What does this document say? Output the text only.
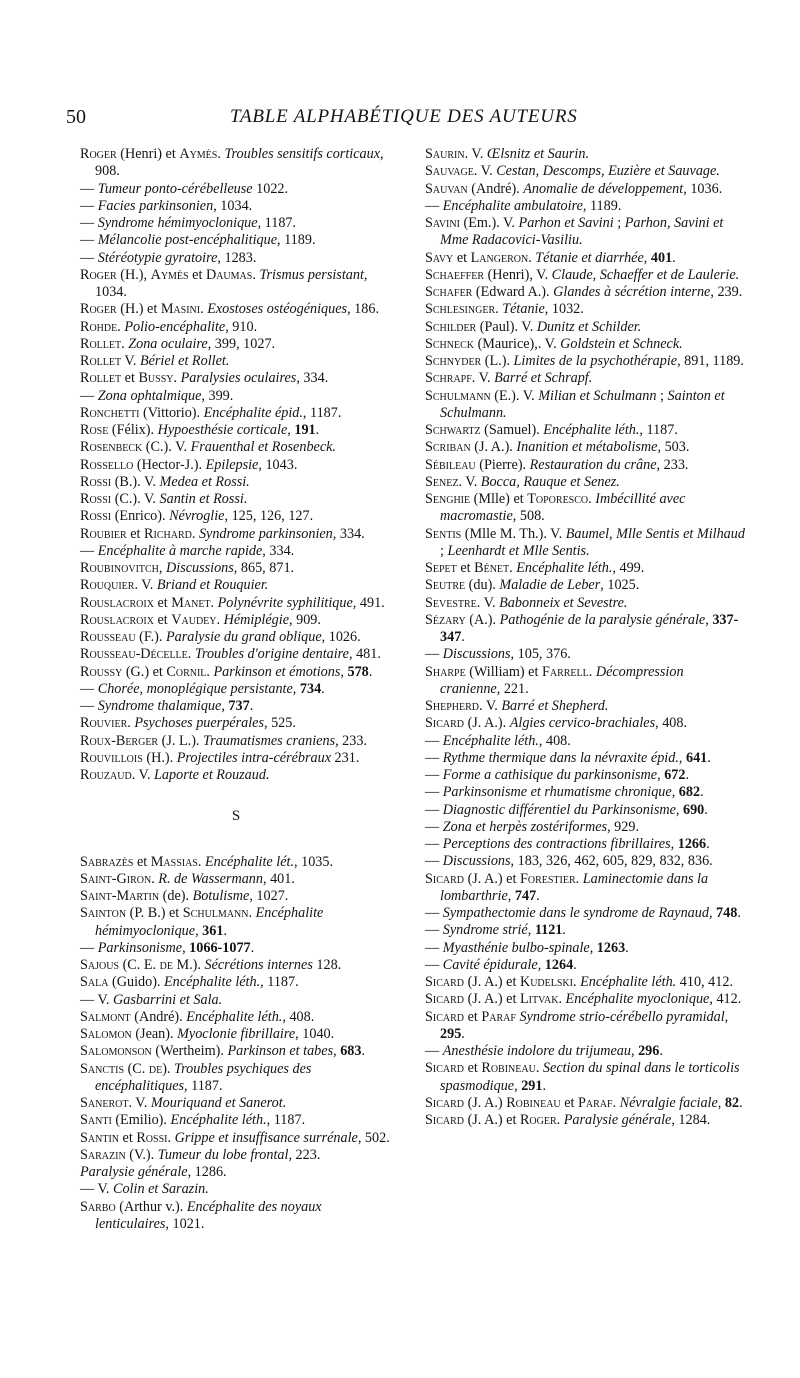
50	TABLE ALPHABÉTIQUE DES AUTEURS
Roger (Henri) et Aymès. Troubles sensitifs corticaux, 908.
— Tumeur ponto-cérébelleuse 1022.
— Facies parkinsonien, 1034.
— Syndrome hémimyoclonique, 1187.
— Mélancolie post-encéphalitique, 1189.
— Stéréotypie gyratoire, 1283.
Roger (H.), Aymès et Daumas. Trismus persistant, 1034.
Roger (H.) et Masini. Exostoses ostéogéniques, 186.
Rohde. Polio-encéphalite, 910.
Rollet. Zona oculaire, 399, 1027.
Rollet V. Bériel et Rollet.
Rollet et Bussy. Paralysies oculaires, 334.
— Zona ophtalmique, 399.
Ronchetti (Vittorio). Encéphalite épid., 1187.
Rose (Félix). Hypoesthésie corticale, 191.
Rosenbeck (C.). V. Frauenthal et Rosenbeck.
Rossello (Hector-J.). Epilepsie, 1043.
Rossi (B.). V. Medea et Rossi.
Rossi (C.). V. Santin et Rossi.
Rossi (Enrico). Névroglie, 125, 126, 127.
Roubier et Richard. Syndrome parkinsonien, 334.
— Encéphalite à marche rapide, 334.
Roubinovitch, Discussions, 865, 871.
Rouquier. V. Briand et Rouquier.
Rouslacroix et Manet. Polynévrite syphilitique, 491.
Rouslacroix et Vaudey. Hémiplégie, 909.
Rousseau (F.). Paralysie du grand oblique, 1026.
Rousseau-Décelle. Troubles d'origine dentaire, 481.
Roussy (G.) et Cornil. Parkinson et émotions, 578.
— Chorée, monoplégique persistante, 734.
— Syndrome thalamique, 737.
Rouvier. Psychoses puerpérales, 525.
Roux-Berger (J. L.). Traumatismes craniens, 233.
Rouvillois (H.). Projectiles intra-cérébraux 231.
Rouzaud. V. Laporte et Rouzaud.
S
Sabrazès et Massias. Encéphalite lét., 1035.
Saint-Giron. R. de Wassermann, 401.
Saint-Martin (de). Botulisme, 1027.
Sainton (P. B.) et Schulmann. Encéphalite hémimyoclonique, 361.
— Parkinsonisme, 1066-1077.
Sajous (C. E. de M.). Sécrétions internes 128.
Sala (Guido). Encéphalite léth., 1187.
— V. Gasbarrini et Sala.
Salmont (André). Encéphalite léth., 408.
Salomon (Jean). Myoclonie fibrillaire, 1040.
Salomonson (Wertheim). Parkinson et tabes, 683.
Sanctis (C. de). Troubles psychiques des encéphalitiques, 1187.
Sanerot. V. Mouriquand et Sanerot.
Santi (Emilio). Encéphalite léth., 1187.
Santin et Rossi. Grippe et insuffisance surrénale, 502.
Sarazin (V.). Tumeur du lobe frontal, 223.
Paralysie générale, 1286.
— V. Colin et Sarazin.
Sarbo (Arthur v.). Encéphalite des noyaux lenticulaires, 1021.
Saurin. V. Œlsnitz et Saurin.
Sauvage. V. Cestan, Descomps, Euzière et Sauvage.
Sauvan (André). Anomalie de développement, 1036.
— Encéphalite ambulatoire, 1189.
Savini (Em.). V. Parhon et Savini ; Parhon, Savini et Mme Radacovici-Vasiliu.
Savy et Langeron. Tétanie et diarrhée, 401.
Schaeffer (Henri), V. Claude, Schaeffer et de Laulerie.
Schafer (Edward A.). Glandes à sécrétion interne, 239.
Schlesinger. Tétanie, 1032.
Schilder (Paul). V. Dunitz et Schilder.
Schneck (Maurice),. V. Goldstein et Schneck.
Schnyder (L.). Limites de la psychothérapie, 891, 1189.
Schrapf. V. Barré et Schrapf.
Schulmann (E.). V. Milian et Schulmann ; Sainton et Schulmann.
Schwartz (Samuel). Encéphalite léth., 1187.
Scriban (J. A.). Inanition et métabolisme, 503.
Sébileau (Pierre). Restauration du crâne, 233.
Senez. V. Bocca, Rauque et Senez.
Senghie (Mlle) et Toporesco. Imbécillité avec macromastie, 508.
Sentis (Mlle M. Th.). V. Baumel, Mlle Sentis et Milhaud ; Leenhardt et Mlle Sentis.
Sepet et Bénet. Encéphalite léth., 499.
Seutre (du). Maladie de Leber, 1025.
Sevestre. V. Babonneix et Sevestre.
Sézary (A.). Pathogénie de la paralysie générale, 337-347.
— Discussions, 105, 376.
Sharpe (William) et Farrell. Décompression cranienne, 221.
Shepherd. V. Barré et Shepherd.
Sicard (J. A.). Algies cervico-brachiales, 408.
— Encéphalite léth., 408.
— Rythme thermique dans la névraxite épid., 641.
— Forme a cathisique du parkinsonisme, 672.
— Parkinsonisme et rhumatisme chronique, 682.
— Diagnostic différentiel du Parkinsonisme, 690.
— Zona et herpès zostériformes, 929.
— Perceptions des contractions fibrillaires, 1266.
— Discussions, 183, 326, 462, 605, 829, 832, 836.
Sicard (J. A.) et Forestier. Laminectomie dans la lombarthrie, 747.
— Sympathectomie dans le syndrome de Raynaud, 748.
— Syndrome strié, 1121.
— Myasthénie bulbo-spinale, 1263.
— Cavité épidurale, 1264.
Sicard (J. A.) et Kudelski. Encéphalite léth. 410, 412.
Sicard (J. A.) et Litvak. Encéphalite myoclonique, 412.
Sicard et Paraf Syndrome strio-cérébello pyramidal, 295.
— Anesthésie indolore du trijumeau, 296.
Sicard et Robineau. Section du spinal dans le torticolis spasmodique, 291.
Sicard (J. A.) Robineau et Paraf. Névralgie faciale, 82.
Sicard (J. A.) et Roger. Paralysie générale, 1284.
